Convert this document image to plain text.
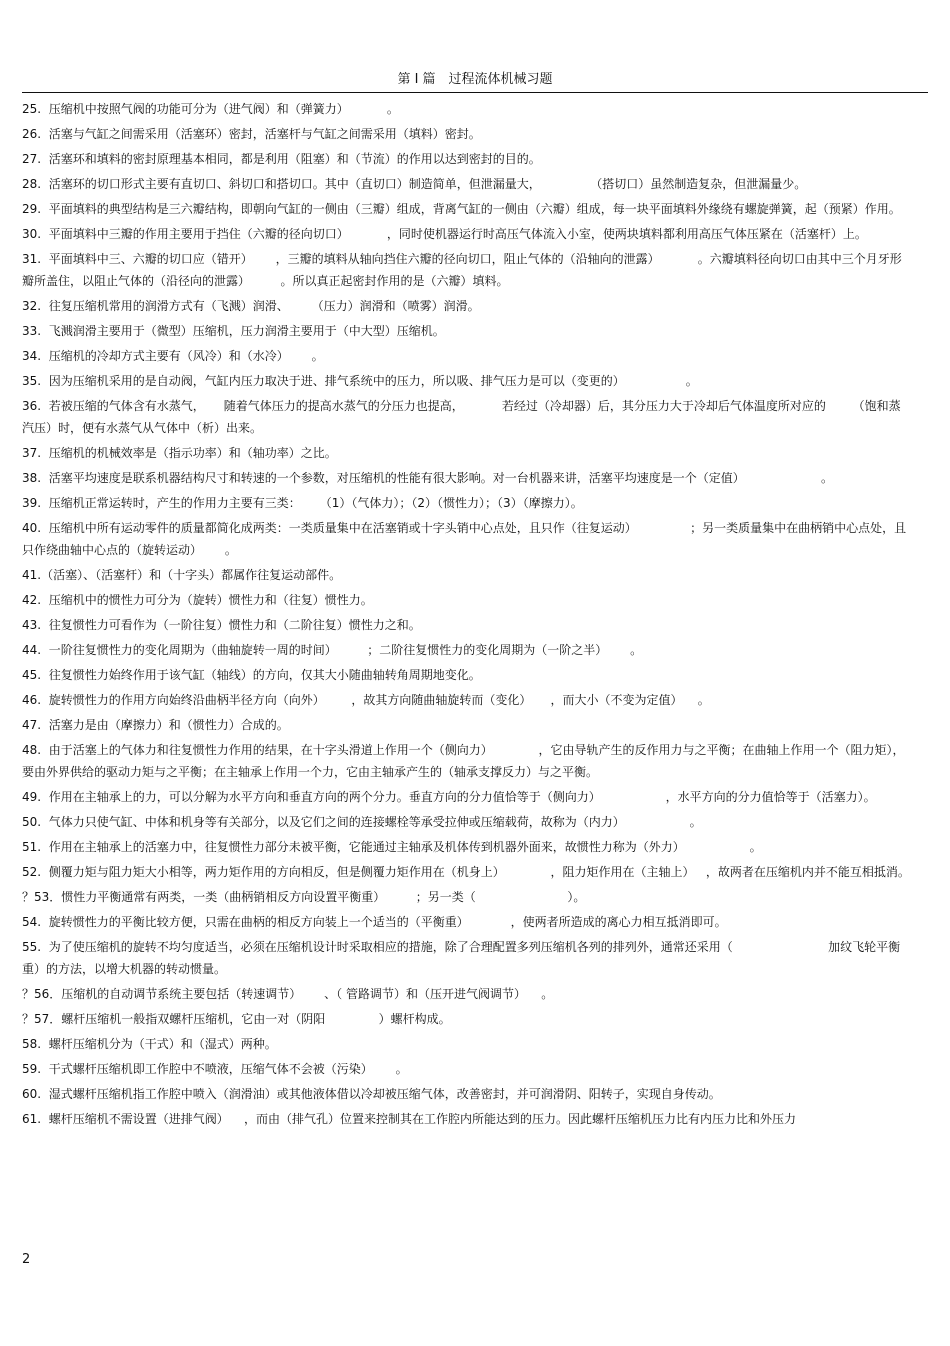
第 I 篇　过程流体机械习题
25.  压缩机中按照气阀的功能可分为（进气阀）和（弹簧力）          。
26.  活塞与气缸之间需采用（活塞环）密封，活塞杆与气缸之间需采用（填料）密封。
27.  活塞环和填料的密封原理基本相同，都是利用（阻塞）和（节流）的作用以达到密封的目的。
28.  活塞环的切口形式主要有直切口、斜切口和搭切口。其中（直切口）制造简单，但泄漏量大，             （搭切口）虽然制造复杂，但泄漏量少。
29.  平面填料的典型结构是三六瓣结构，即朝向气缸的一侧由（三瓣）组成，背离气缸的一侧由（六瓣）组成，每一块平面填料外缘绕有螺旋弹簧，起（预紧）作用。
30.  平面填料中三瓣的作用主要用于挡住（六瓣的径向切口）          ，同时使机器运行时高压气体流入小室，使两块填料都利用高压气体压紧在（活塞杆）上。
31.  平面填料中三、六瓣的切口应（错开）      ，三瓣的填料从轴向挡住六瓣的径向切口，阻止气体的（沿轴向的泄露）          。六瓣填料径向切口由其中三个月牙形瓣所盖住，以阻止气体的（沿径向的泄露）        。所以真正起密封作用的是（六瓣）填料。
32.  往复压缩机常用的润滑方式有（飞溅）润滑、      （压力）润滑和（喷雾）润滑。
33.  飞溅润滑主要用于（微型）压缩机，压力润滑主要用于（中大型）压缩机。
34.  压缩机的冷却方式主要有（风冷）和（水冷）      。
35.  因为压缩机采用的是自动阀，气缸内压力取决于进、排气系统中的压力，所以吸、排气压力是可以（变更的）                。
36.  若被压缩的气体含有水蒸气，     随着气体压力的提高水蒸气的分压力也提高，          若经过（冷却器）后，其分压力大于冷却后气体温度所对应的       （饱和蒸汽压）时，便有水蒸气从气体中（析）出来。
37.  压缩机的机械效率是（指示功率）和（轴功率）之比。
38.  活塞平均速度是联系机器结构尺寸和转速的一个参数，对压缩机的性能有很大影响。对一台机器来讲，活塞平均速度是一个（定值）                    。
39.  压缩机正常运转时，产生的作用力主要有三类：     （1）（气体力）；（2）（惯性力）；（3）（摩擦力）。
40.  压缩机中所有运动零件的质量都简化成两类：一类质量集中在活塞销或十字头销中心点处，且只作（往复运动）              ；另一类质量集中在曲柄销中心点处，且只作绕曲轴中心点的（旋转运动）      。
41.（活塞）、（活塞杆）和（十字头）都属作往复运动部件。
42.  压缩机中的惯性力可分为（旋转）惯性力和（往复）惯性力。
43.  往复惯性力可看作为（一阶往复）惯性力和（二阶往复）惯性力之和。
44.  一阶往复惯性力的变化周期为（曲轴旋转一周的时间）        ；二阶往复惯性力的变化周期为（一阶之半）      。
45.  往复惯性力始终作用于该气缸（轴线）的方向，仅其大小随曲轴转角周期地变化。
46.  旋转惯性力的作用方向始终沿曲柄半径方向（向外）       ，故其方向随曲轴旋转而（变化）     ，而大小（不变为定值）    。
47.  活塞力是由（摩擦力）和（惯性力）合成的。
48.  由于活塞上的气体力和往复惯性力作用的结果，在十字头滑道上作用一个（侧向力）            ，它由导轨产生的反作用力与之平衡；在曲轴上作用一个（阻力矩），要由外界供给的驱动力矩与之平衡；在主轴承上作用一个力，它由主轴承产生的（轴承支撑反力）与之平衡。
49.  作用在主轴承上的力，可以分解为水平方向和垂直方向的两个分力。垂直方向的分力值恰等于（侧向力）                 ，水平方向的分力值恰等于（活塞力）。
50.  气体力只使气缸、中体和机身等有关部分，以及它们之间的连接螺栓等承受拉伸或压缩载荷，故称为（内力）                 。
51.  作用在主轴承上的活塞力中，往复惯性力部分未被平衡，它能通过主轴承及机体传到机器外面来，故惯性力称为（外力）                 。
52.  侧覆力矩与阻力矩大小相等，两力矩作用的方向相反，但是侧覆力矩作用在（机身上）            ，阻力矩作用在（主轴上）   ，故两者在压缩机内并不能互相抵消。
？53．惯性力平衡通常有两类，一类（曲柄销相反方向设置平衡重）        ；另一类（                        ）。
54.  旋转惯性力的平衡比较方便，只需在曲柄的相反方向装上一个适当的（平衡重）           ，使两者所造成的离心力相互抵消即可。
55.  为了使压缩机的旋转不均匀度适当，必须在压缩机设计时采取相应的措施，除了合理配置多列压缩机各列的排列外，通常还采用（                         加纹飞轮平衡重）的方法，以增大机器的转动惯量。
？56．压缩机的自动调节系统主要包括（转速调节）      、（ 管路调节）和（压开进气阀调节）    。
？57．螺杆压缩机一般指双螺杆压缩机，它由一对（阴阳              ）螺杆构成。
58.  螺杆压缩机分为（干式）和（湿式）两种。
59.  干式螺杆压缩机即工作腔中不喷液，压缩气体不会被（污染）      。
60.  湿式螺杆压缩机指工作腔中喷入（润滑油）或其他液体借以冷却被压缩气体，改善密封，并可润滑阴、阳转子，实现自身传动。
61.  螺杆压缩机不需设置（进排气阀）    ，而由（排气孔）位置来控制其在工作腔内所能达到的压力。因此螺杆压缩机压力比有内压力比和外压力
2
